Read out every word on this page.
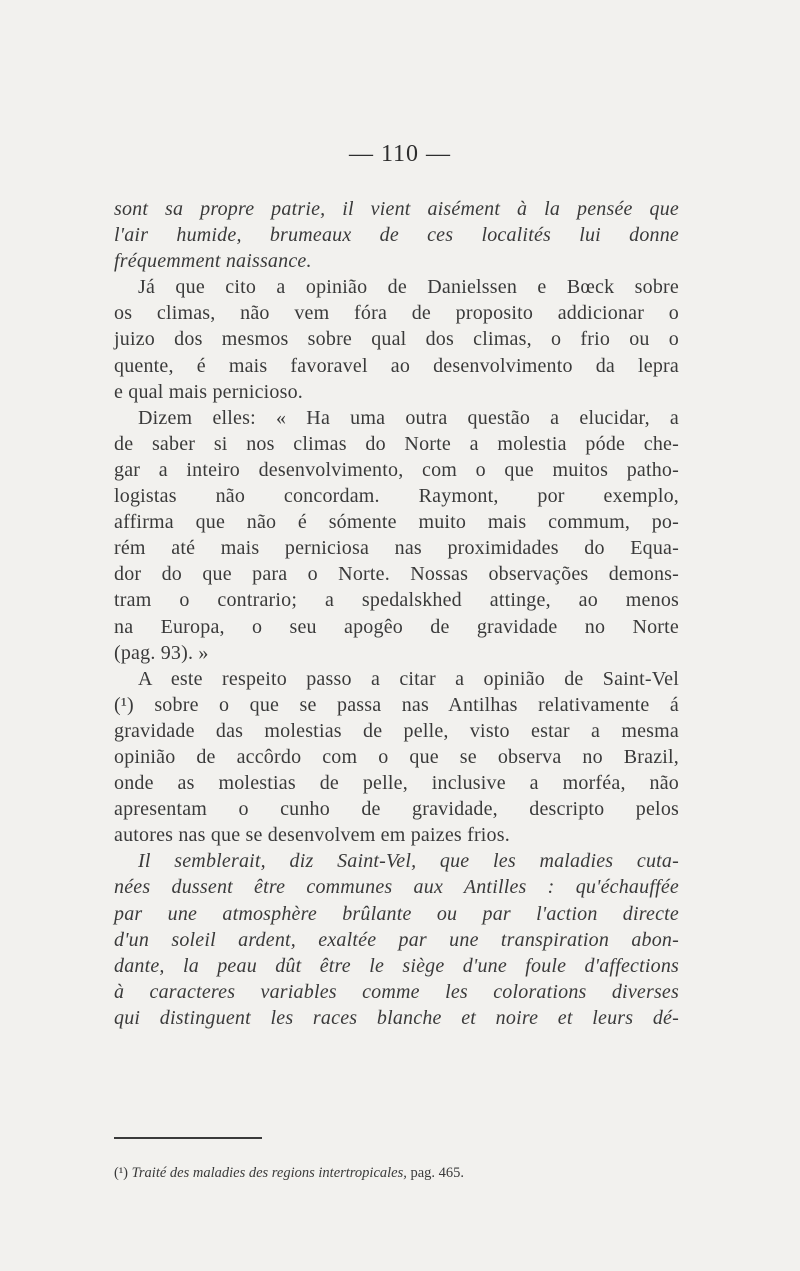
— 110 —
sont sa propre patrie, il vient aisément à la pensée que
l'air humide, brumeaux de ces localités lui donne
fréquemment naissance.
Já que cito a opinião de Danielssen e Bœck sobre
os climas, não vem fóra de proposito addicionar o
juizo dos mesmos sobre qual dos climas, o frio ou o
quente, é mais favoravel ao desenvolvimento da lepra
e qual mais pernicioso.
Dizem elles: « Ha uma outra questão a elucidar, a
de saber si nos climas do Norte a molestia póde che-
gar a inteiro desenvolvimento, com o que muitos patho-
logistas não concordam. Raymont, por exemplo,
affirma que não é sómente muito mais commum, po-
rém até mais perniciosa nas proximidades do Equa-
dor do que para o Norte. Nossas observações demons-
tram o contrario; a spedalskhed attinge, ao menos
na Europa, o seu apogêo de gravidade no Norte
(pag. 93). »
A este respeito passo a citar a opinião de Saint-Vel
(¹) sobre o que se passa nas Antilhas relativamente á
gravidade das molestias de pelle, visto estar a mesma
opinião de accôrdo com o que se observa no Brazil,
onde as molestias de pelle, inclusive a morféa, não
apresentam o cunho de gravidade, descripto pelos
autores nas que se desenvolvem em paizes frios.
Il semblerait, diz Saint-Vel, que les maladies cuta-
nées dussent être communes aux Antilles : qu'échauffée
par une atmosphère brûlante ou par l'action directe
d'un soleil ardent, exaltée par une transpiration abon-
dante, la peau dût être le siège d'une foule d'affections
à caracteres variables comme les colorations diverses
qui distinguent les races blanche et noire et leurs dé-
(¹) Traité des maladies des regions intertropicales, pag. 465.
